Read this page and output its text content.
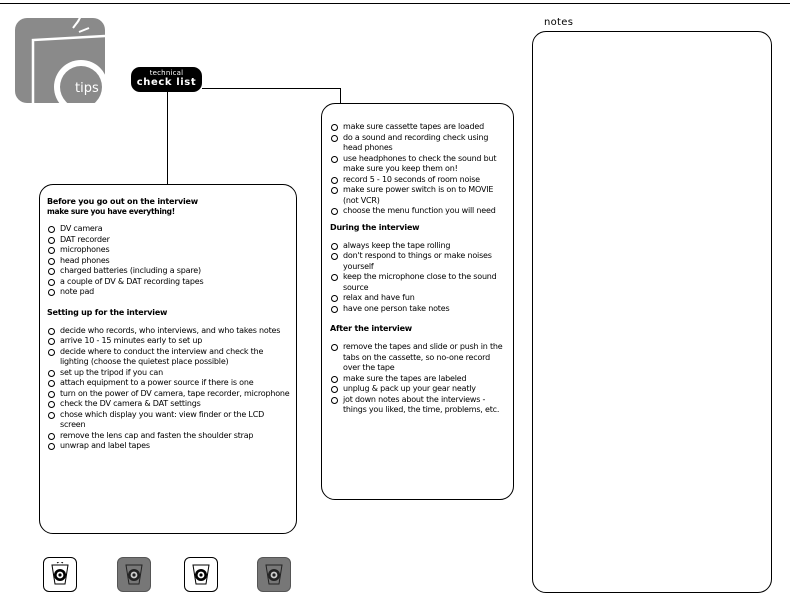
tips
technical
check list
Before you go out on the interview
make sure you have everything!
DV camera
DAT recorder
microphones
head phones
charged batteries (including a spare)
a couple of DV & DAT recording tapes
note pad
Setting up for the interview
decide who records, who interviews, and who takes notes
arrive 10 - 15 minutes early to set up
decide where to conduct the interview and check the lighting (choose the quietest place possible)
set up the tripod if you can
attach equipment to a power source if there is one
turn on the power of DV camera, tape recorder, microphone
check the DV camera & DAT settings
chose which display you want: view finder or the LCD screen
remove the lens cap and fasten the shoulder strap
unwrap and label tapes
make sure cassette tapes are loaded
do a sound and recording check using head phones
use headphones to check the sound but make sure you keep them on!
record 5 - 10 seconds of room noise
make sure power switch is on to MOVIE (not VCR)
choose the menu function you will need
During the interview
always keep the tape rolling
don't respond to things or make noises yourself
keep the microphone close to the sound source
relax and have fun
have one person take notes
After the interview
remove the tapes and slide or push in the tabs on the cassette, so no-one record over the tape
make sure the tapes are labeled
unplug & pack up your gear neatly
jot down notes about the interviews - things you liked, the time, problems, etc.
notes
